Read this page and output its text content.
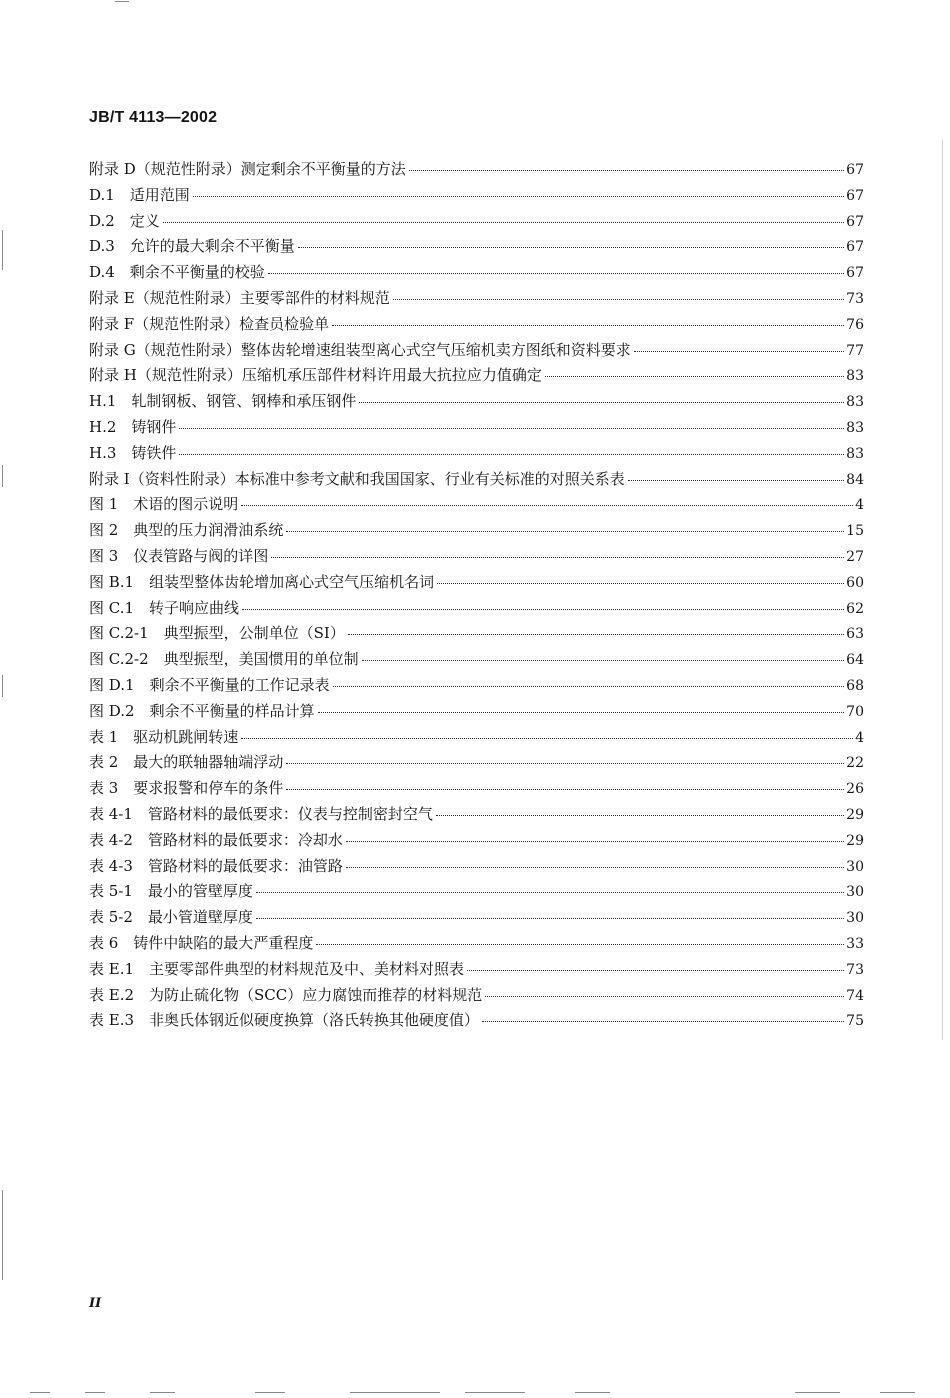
JB/T 4113—2002
附录 D（规范性附录）测定剩余不平衡量的方法	67
D.1　适用范围	67
D.2　定义	67
D.3　允许的最大剩余不平衡量	67
D.4　剩余不平衡量的校验	67
附录 E（规范性附录）主要零部件的材料规范	73
附录 F（规范性附录）检查员检验单	76
附录 G（规范性附录）整体齿轮增速组装型离心式空气压缩机卖方图纸和资料要求	77
附录 H（规范性附录）压缩机承压部件材料许用最大抗拉应力值确定	83
H.1　轧制钢板、钢管、钢棒和承压钢件	83
H.2　铸钢件	83
H.3　铸铁件	83
附录 I（资料性附录）本标准中参考文献和我国国家、行业有关标准的对照关系表	84
图 1　术语的图示说明	4
图 2　典型的压力润滑油系统	15
图 3　仪表管路与阀的详图	27
图 B.1　组装型整体齿轮增加离心式空气压缩机名词	60
图 C.1　转子响应曲线	62
图 C.2-1　典型振型，公制单位（SI）	63
图 C.2-2　典型振型，美国惯用的单位制	64
图 D.1　剩余不平衡量的工作记录表	68
图 D.2　剩余不平衡量的样品计算	70
表 1　驱动机跳闸转速	4
表 2　最大的联轴器轴端浮动	22
表 3　要求报警和停车的条件	26
表 4-1　管路材料的最低要求：仪表与控制密封空气	29
表 4-2　管路材料的最低要求：冷却水	29
表 4-3　管路材料的最低要求：油管路	30
表 5-1　最小的管壁厚度	30
表 5-2　最小管道壁厚度	30
表 6　铸件中缺陷的最大严重程度	33
表 E.1　主要零部件典型的材料规范及中、美材料对照表	73
表 E.2　为防止硫化物（SCC）应力腐蚀而推荐的材料规范	74
表 E.3　非奥氏体钢近似硬度换算（洛氏转换其他硬度值）	75
II
